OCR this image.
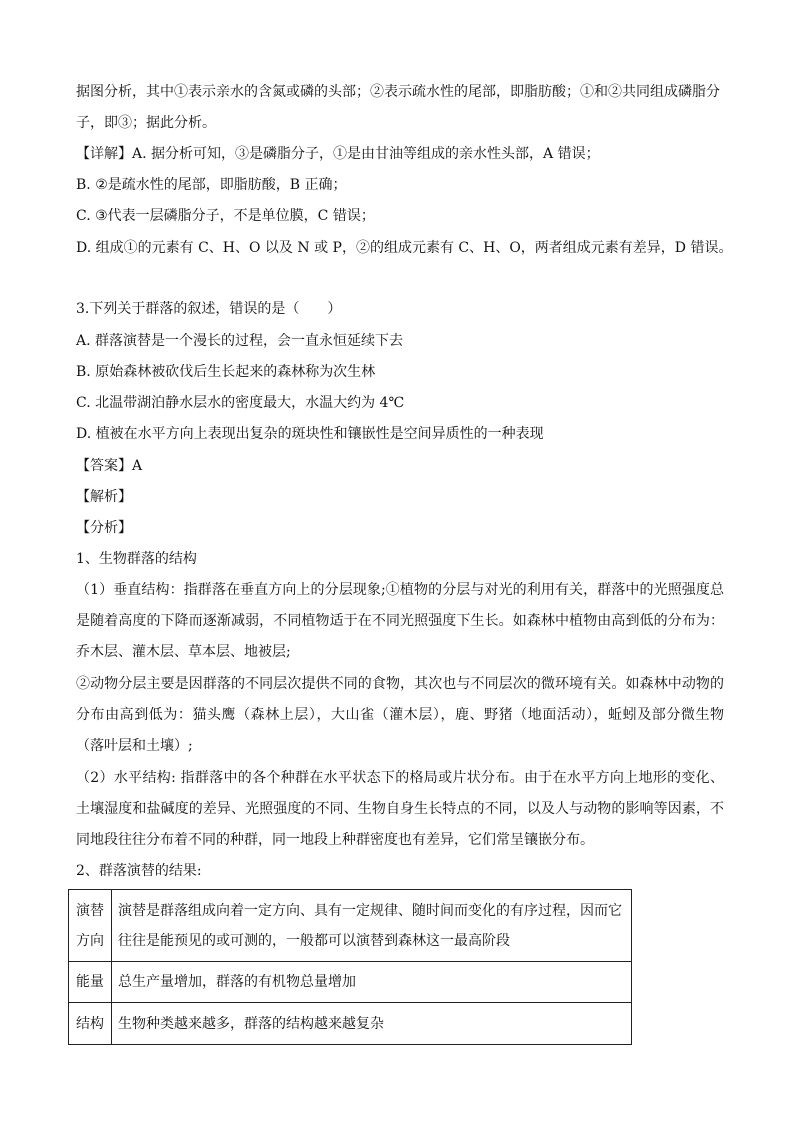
据图分析，其中①表示亲水的含氮或磷的头部；②表示疏水性的尾部，即脂肪酸；①和②共同组成磷脂分
子，即③；据此分析。
【详解】A. 据分析可知，③是磷脂分子，①是由甘油等组成的亲水性头部，A 错误；
B. ②是疏水性的尾部，即脂肪酸，B 正确；
C. ③代表一层磷脂分子，不是单位膜，C 错误；
D. 组成①的元素有 C、H、O 以及 N 或 P，②的组成元素有 C、H、O，两者组成元素有差异，D 错误。
3.下列关于群落的叙述，错误的是（　　）
A. 群落演替是一个漫长的过程，会一直永恒延续下去
B. 原始森林被砍伐后生长起来的森林称为次生林
C. 北温带湖泊静水层水的密度最大，水温大约为 4℃
D. 植被在水平方向上表现出复杂的斑块性和镶嵌性是空间异质性的一种表现
【答案】A
【解析】
【分析】
1、生物群落的结构
（1）垂直结构：指群落在垂直方向上的分层现象;①植物的分层与对光的利用有关，群落中的光照强度总是随着高度的下降而逐渐减弱，不同植物适于在不同光照强度下生长。如森林中植物由高到低的分布为：乔木层、灌木层、草本层、地被层;
②动物分层主要是因群落的不同层次提供不同的食物，其次也与不同层次的微环境有关。如森林中动物的分布由高到低为：猫头鹰（森林上层），大山雀（灌木层），鹿、野猪（地面活动），蚯蚓及部分微生物（落叶层和土壤）;
（2）水平结构: 指群落中的各个种群在水平状态下的格局或片状分布。由于在水平方向上地形的变化、土壤湿度和盐碱度的差异、光照强度的不同、生物自身生长特点的不同，以及人与动物的影响等因素，不同地段往往分布着不同的种群，同一地段上种群密度也有差异，它们常呈镶嵌分布。
2、群落演替的结果:
演替方向	演替是群落组成向着一定方向、具有一定规律、随时间而变化的有序过程，因而它往往是能预见的或可测的，一般都可以演替到森林这一最高阶段
能量	总生产量增加，群落的有机物总量增加
结构	生物种类越来越多，群落的结构越来越复杂
